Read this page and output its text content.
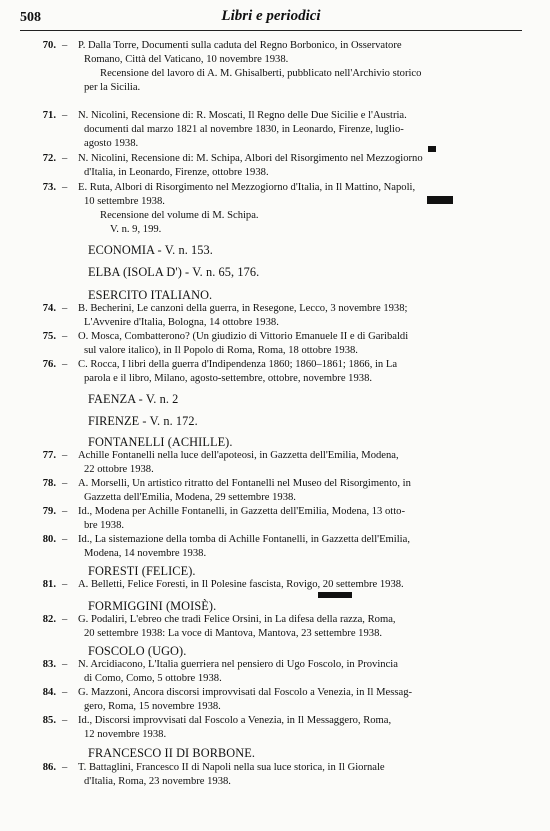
508	Libri e periodici
70. – P. Dalla Torre, Documenti sulla caduta del Regno Borbonico, in Osservatore
Romano, Città del Vaticano, 10 novembre 1938.
Recensione del lavoro di A. M. Ghisalberti, pubblicato nell'Archivio storico
per la Sicilia.
71. – N. Nicolini, Recensione di: R. Moscati, Il Regno delle Due Sicilie e l'Austria.
documenti dal marzo 1821 al novembre 1830, in Leonardo, Firenze, luglio-
agosto 1938.
72. – N. Nicolini, Recensione di: M. Schipa, Albori del Risorgimento nel Mezzogiorno
d'Italia, in Leonardo, Firenze, ottobre 1938.
73. – E. Ruta, Albori di Risorgimento nel Mezzogiorno d'Italia, in Il Mattino, Napoli,
10 settembre 1938.
Recensione del volume di M. Schipa.
V. n. 9, 199.
ECONOMIA - V. n. 153.
ELBA (ISOLA D') - V. n. 65, 176.
ESERCITO ITALIANO.
74. – B. Becherini, Le canzoni della guerra, in Resegone, Lecco, 3 novembre 1938;
L'Avvenire d'Italia, Bologna, 14 ottobre 1938.
75. – O. Mosca, Combatterono? (Un giudizio di Vittorio Emanuele II e di Garibaldi
sul valore italico), in Il Popolo di Roma, Roma, 18 ottobre 1938.
76. – C. Rocca, I libri della guerra d'Indipendenza 1860; 1860–1861; 1866, in La
parola e il libro, Milano, agosto-settembre, ottobre, novembre 1938.
FAENZA - V. n. 2
FIRENZE - V. n. 172.
FONTANELLI (ACHILLE).
77. – Achille Fontanelli nella luce dell'apoteosi, in Gazzetta dell'Emilia, Modena,
22 ottobre 1938.
78. – A. Morselli, Un artistico ritratto del Fontanelli nel Museo del Risorgimento, in
Gazzetta dell'Emilia, Modena, 29 settembre 1938.
79. – Id., Modena per Achille Fontanelli, in Gazzetta dell'Emilia, Modena, 13 otto-
bre 1938.
80. – Id., La sistemazione della tomba di Achille Fontanelli, in Gazzetta dell'Emilia,
Modena, 14 novembre 1938.
FORESTI (FELICE).
81. – A. Belletti, Felice Foresti, in Il Polesine fascista, Rovigo, 20 settembre 1938.
FORMIGGINI (MOISÈ).
82. – G. Podaliri, L'ebreo che tradì Felice Orsini, in La difesa della razza, Roma,
20 settembre 1938: La voce di Mantova, Mantova, 23 settembre 1938.
FOSCOLO (UGO).
83. – N. Arcidiacono, L'Italia guerriera nel pensiero di Ugo Foscolo, in Provincia
di Como, Como, 5 ottobre 1938.
84. – G. Mazzoni, Ancora discorsi improvvisati dal Foscolo a Venezia, in Il Messag-
gero, Roma, 15 novembre 1938.
85. – Id., Discorsi improvvisati dal Foscolo a Venezia, in Il Messaggero, Roma,
12 novembre 1938.
FRANCESCO II DI BORBONE.
86. – T. Battaglini, Francesco II di Napoli nella sua luce storica, in Il Giornale
d'Italia, Roma, 23 novembre 1938.
